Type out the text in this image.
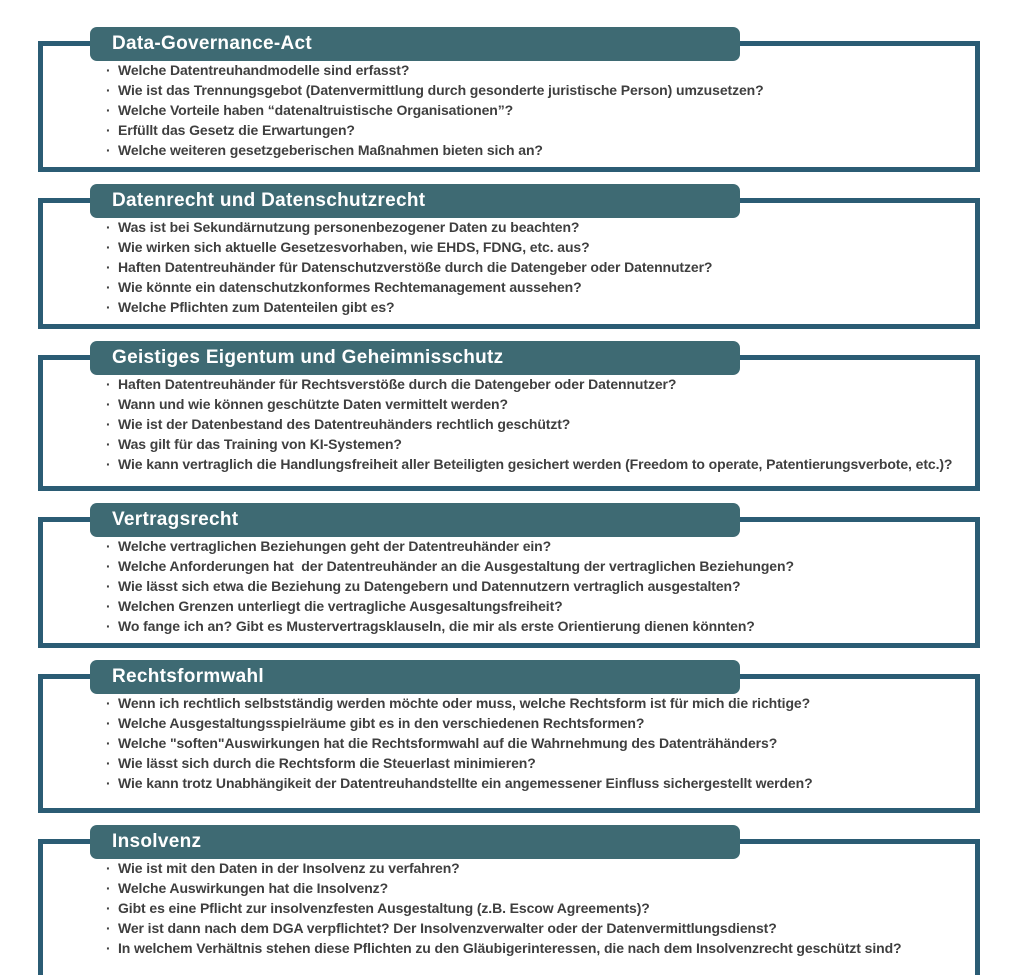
Data-Governance-Act
· Welche Datentreuhandmodelle sind erfasst?
· Wie ist das Trennungsgebot (Datenvermittlung durch gesonderte juristische Person) umzusetzen?
· Welche Vorteile haben “datenaltruistische Organisationen”?
· Erfüllt das Gesetz die Erwartungen?
· Welche weiteren gesetzgeberischen Maßnahmen bieten sich an?
Datenrecht und Datenschutzrecht
· Was ist bei Sekundärnutzung personenbezogener Daten zu beachten?
· Wie wirken sich aktuelle Gesetzesvorhaben, wie EHDS, FDNG, etc. aus?
· Haften Datentreuhänder für Datenschutzverstöße durch die Datengeber oder Datennutzer?
· Wie könnte ein datenschutzkonformes Rechtemanagement aussehen?
· Welche Pflichten zum Datenteilen gibt es?
Geistiges Eigentum und Geheimnisschutz
· Haften Datentreuhänder für Rechtsverstöße durch die Datengeber oder Datennutzer?
· Wann und wie können geschützte Daten vermittelt werden?
· Wie ist der Datenbestand des Datentreuhänders rechtlich geschützt?
· Was gilt für das Training von KI-Systemen?
· Wie kann vertraglich die Handlungsfreiheit aller Beteiligten gesichert werden (Freedom to operate, Patentierungsverbote, etc.)?
Vertragsrecht
· Welche vertraglichen Beziehungen geht der Datentreuhänder ein?
· Welche Anforderungen hat  der Datentreuhänder an die Ausgestaltung der vertraglichen Beziehungen?
· Wie lässt sich etwa die Beziehung zu Datengebern und Datennutzern vertraglich ausgestalten?
· Welchen Grenzen unterliegt die vertragliche Ausgesaltungsfreiheit?
· Wo fange ich an? Gibt es Mustervertragsklauseln, die mir als erste Orientierung dienen könnten?
Rechtsformwahl
· Wenn ich rechtlich selbstständig werden möchte oder muss, welche Rechtsform ist für mich die richtige?
· Welche Ausgestaltungsspielräume gibt es in den verschiedenen Rechtsformen?
· Welche "soften"Auswirkungen hat die Rechtsformwahl auf die Wahrnehmung des Datenträhänders?
· Wie lässt sich durch die Rechtsform die Steuerlast minimieren?
· Wie kann trotz Unabhängikeit der Datentreuhandstellte ein angemessener Einfluss sichergestellt werden?
Insolvenz
· Wie ist mit den Daten in der Insolvenz zu verfahren?
· Welche Auswirkungen hat die Insolvenz?
· Gibt es eine Pflicht zur insolvenzfesten Ausgestaltung (z.B. Escow Agreements)?
· Wer ist dann nach dem DGA verpflichtet? Der Insolvenzverwalter oder der Datenvermittlungsdienst?
· In welchem Verhältnis stehen diese Pflichten zu den Gläubigerinteressen, die nach dem Insolvenzrecht geschützt sind?
